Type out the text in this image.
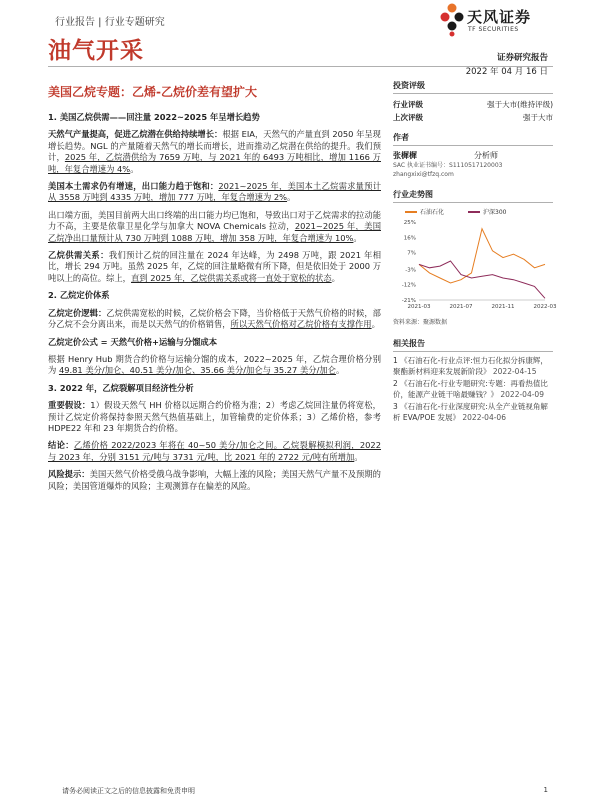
行业报告 | 行业专题研究	天风证券
TF SECURITIES
油气开采	证券研究报告
2022 年 04 月 16 日
美国乙烷专题：乙烯-乙烷价差有望扩大
1. 美国乙烷供需——回注量 2022~2025 年呈增长趋势

天然气产量提高，促进乙烷潜在供给持续增长：根据 EIA，天然气的产量直到 2050 年呈现增长趋势。NGL 的产量随着天然气的增长而增长，进而推动乙烷潜在供给的提升。我们预计，2025 年，乙烷潜供给为 7659 万吨，与 2021 年的 6493 万吨相比，增加 1166 万吨，年复合增速为 4%。

美国本土需求仍有增速，出口能力趋于饱和：2021~2025 年，美国本土乙烷需求量预计从 3558 万吨到 4335 万吨，增加 777 万吨，年复合增速为 2%。

出口端方面，美国目前两大出口终端的出口能力均已饱和，导致出口对于乙烷需求的拉动能力不高，主要是依靠卫星化学与加拿大 NOVA Chemicals 拉动，2021~2025 年，美国乙烷净出口量预计从 730 万吨到 1088 万吨，增加 358 万吨，年复合增速为 10%。

乙烷供需关系：我们预计乙烷的回注量在 2024 年达峰，为 2498 万吨，跟 2021 年相比，增长 294 万吨。虽然 2025 年，乙烷的回注量略微有所下降，但是依旧处于 2000 万吨以上的高位。综上，直到 2025 年，乙烷供需关系或将一直处于宽松的状态。

2. 乙烷定价体系

乙烷定价逻辑：乙烷供需宽松的时候，乙烷价格会下降，当价格低于天然气价格的时候，部分乙烷不会分离出来，而是以天然气的价格销售，所以天然气价格对乙烷价格有支撑作用。

乙烷定价公式 = 天然气价格+运输与分馏成本

根据 Henry Hub 期货合约价格与运输分馏的成本，2022~2025 年，乙烷合理价格分别为 49.81 美分/加仑、40.51 美分/加仑、35.66 美分/加仑与 35.27 美分/加仑。

3. 2022 年，乙烷裂解项目经济性分析

重要假设：1）假设天然气 HH 价格以远期合约价格为准；2）考虑乙烷回注量仍将宽松，预计乙烷定价将保持参照天然气热值基础上，加管输费的定价体系；3）乙烯价格，参考 HDPE22 年和 23 年期货合约价格。

结论：乙烯价格 2022/2023 年将在 40~50 美分/加仑之间。乙烷裂解模拟利润，2022 与 2023 年，分别 3151 元/吨与 3731 元/吨，比 2021 年的 2722 元/吨有所增加。

风险提示：美国天然气价格受俄乌战争影响，大幅上涨的风险；美国天然气产量不及预期的风险；美国管道爆炸的风险；主观测算存在偏差的风险。

投资评级
行业评级	强于大市(维持评级)
上次评级	强于大市
作者
张樨樨	分析师
SAC 执业证书编号：S1110517120003
zhangxixi@tfzq.com
行业走势图
石油石化	沪深300
25%
16%
7%
-3%
-12%
-21%
2021-03	2021-07	2021-11	2022-03
资料来源：聚源数据
相关报告
1 《石油石化-行业点评:恒力石化拟分拆康辉，聚酯新材料迎来发展新阶段》 2022-04-15
2 《石油石化-行业专题研究:专题：再看热值比价，能源产业链干啥最赚钱？》 2022-04-09
3 《石油石化-行业深度研究:从全产业链视角解析 EVA/POE 发展》 2022-04-06
请务必阅读正文之后的信息披露和免责申明	1
